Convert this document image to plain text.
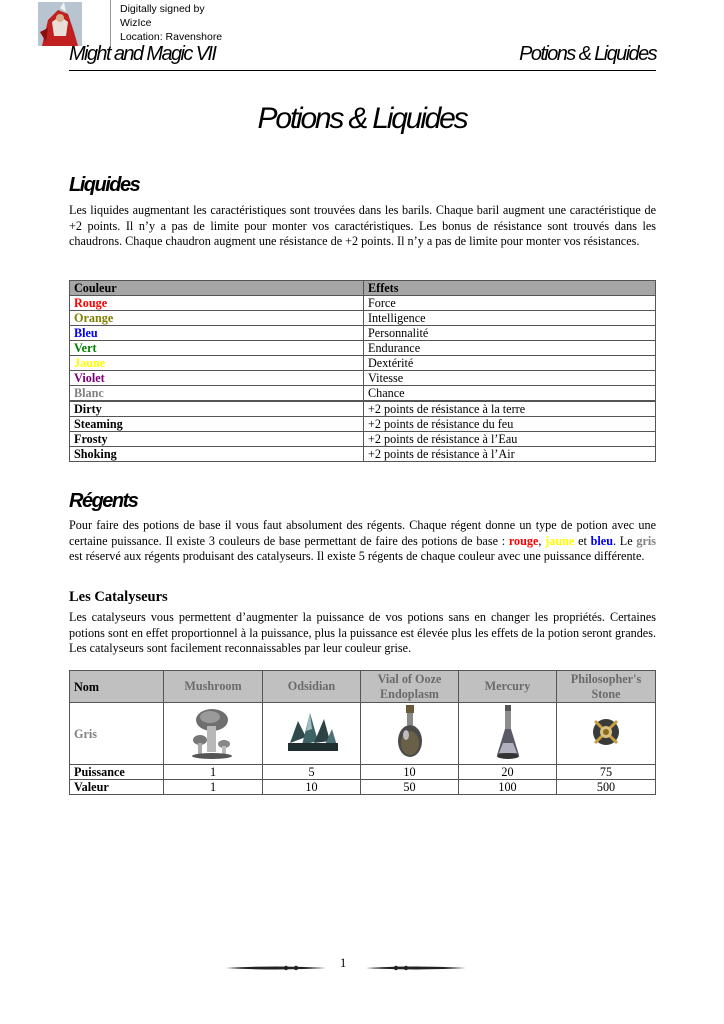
Digitally signed by
WizIce
Location: Ravenshore
Might and Magic VII	Potions & Liquides
Potions & Liquides
Liquides
Les liquides augmentant les caractéristiques sont trouvées dans les barils. Chaque baril augment une caractéristique de +2 points. Il n’y a pas de limite pour monter vos caractéristiques. Les bonus de résistance sont trouvés dans les chaudrons. Chaque chaudron augment une résistance de +2 points. Il n’y a pas de limite pour monter vos résistances.
Couleur	Effets
Rouge	Force
Orange	Intelligence
Bleu	Personnalité
Vert	Endurance
Jaune	Dextérité
Violet	Vitesse
Blanc	Chance
Dirty	+2 points de résistance à la terre
Steaming	+2 points de résistance du feu
Frosty	+2 points de résistance à l’Eau
Shoking	+2 points de résistance à l’Air
Régents
Pour faire des potions de base il vous faut absolument des régents. Chaque régent donne un type de potion avec une certaine puissance. Il existe 3 couleurs de base permettant de faire des potions de base : rouge, jaune et bleu. Le gris est réservé aux régents produisant des catalyseurs. Il existe 5 régents de chaque couleur avec une puissance différente.
Les Catalyseurs
Les catalyseurs vous permettent d’augmenter la puissance de vos potions sans en changer les propriétés. Certaines potions sont en effet proportionnel à la puissance, plus la puissance est élevée plus les effets de la potion seront grandes. Les catalyseurs sont facilement reconnaissables par leur couleur grise.
Nom	Mushroom	Odsidian	Vial of Ooze Endoplasm	Mercury	Philosopher's Stone
Gris					
Puissance	1	5	10	20	75
Valeur	1	10	50	100	500
1
